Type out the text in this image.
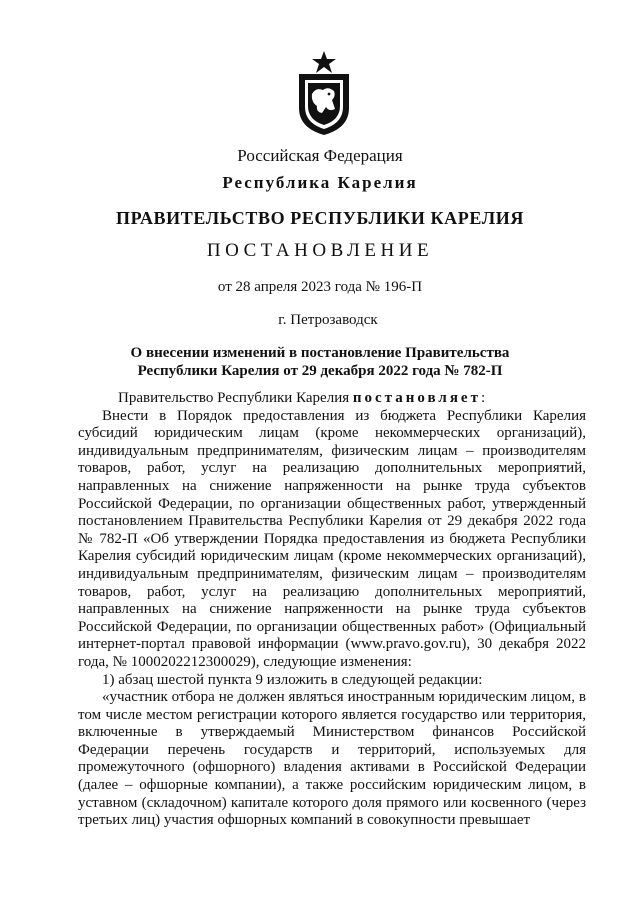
Российская Федерация
Республика Карелия
ПРАВИТЕЛЬСТВО РЕСПУБЛИКИ КАРЕЛИЯ
ПОСТАНОВЛЕНИЕ
от 28 апреля 2023 года № 196-П
г. Петрозаводск
О внесении изменений в постановление Правительства
Республики Карелия от 29 декабря 2022 года № 782-П

Правительство Республики Карелия постановляет:

Внести в Порядок предоставления из бюджета Республики Карелия субсидий юридическим лицам (кроме некоммерческих организаций), индивидуальным предпринимателям, физическим лицам – производителям товаров, работ, услуг на реализацию дополнительных мероприятий, направленных на снижение напряженности на рынке труда субъектов Российской Федерации, по организации общественных работ, утвержденный постановлением Правительства Республики Карелия от 29 декабря 2022 года № 782-П «Об утверждении Порядка предоставления из бюджета Республики Карелия субсидий юридическим лицам (кроме некоммерческих организаций), индивидуальным предпринимателям, физическим лицам – производителям товаров, работ, услуг на реализацию дополнительных мероприятий, направленных на снижение напряженности на рынке труда субъектов Российской Федерации, по организации общественных работ» (Официальный интернет-портал правовой информации (www.pravo.gov.ru), 30 декабря 2022 года, № 1000202212300029), следующие изменения:

1) абзац шестой пункта 9 изложить в следующей редакции:

«участник отбора не должен являться иностранным юридическим лицом, в том числе местом регистрации которого является государство или территория, включенные в утверждаемый Министерством финансов Российской Федерации перечень государств и территорий, используемых для промежуточного (офшорного) владения активами в Российской Федерации (далее – офшорные компании), а также российским юридическим лицом, в уставном (складочном) капитале которого доля прямого или косвенного (через третьих лиц) участия офшорных компаний в совокупности превышает
